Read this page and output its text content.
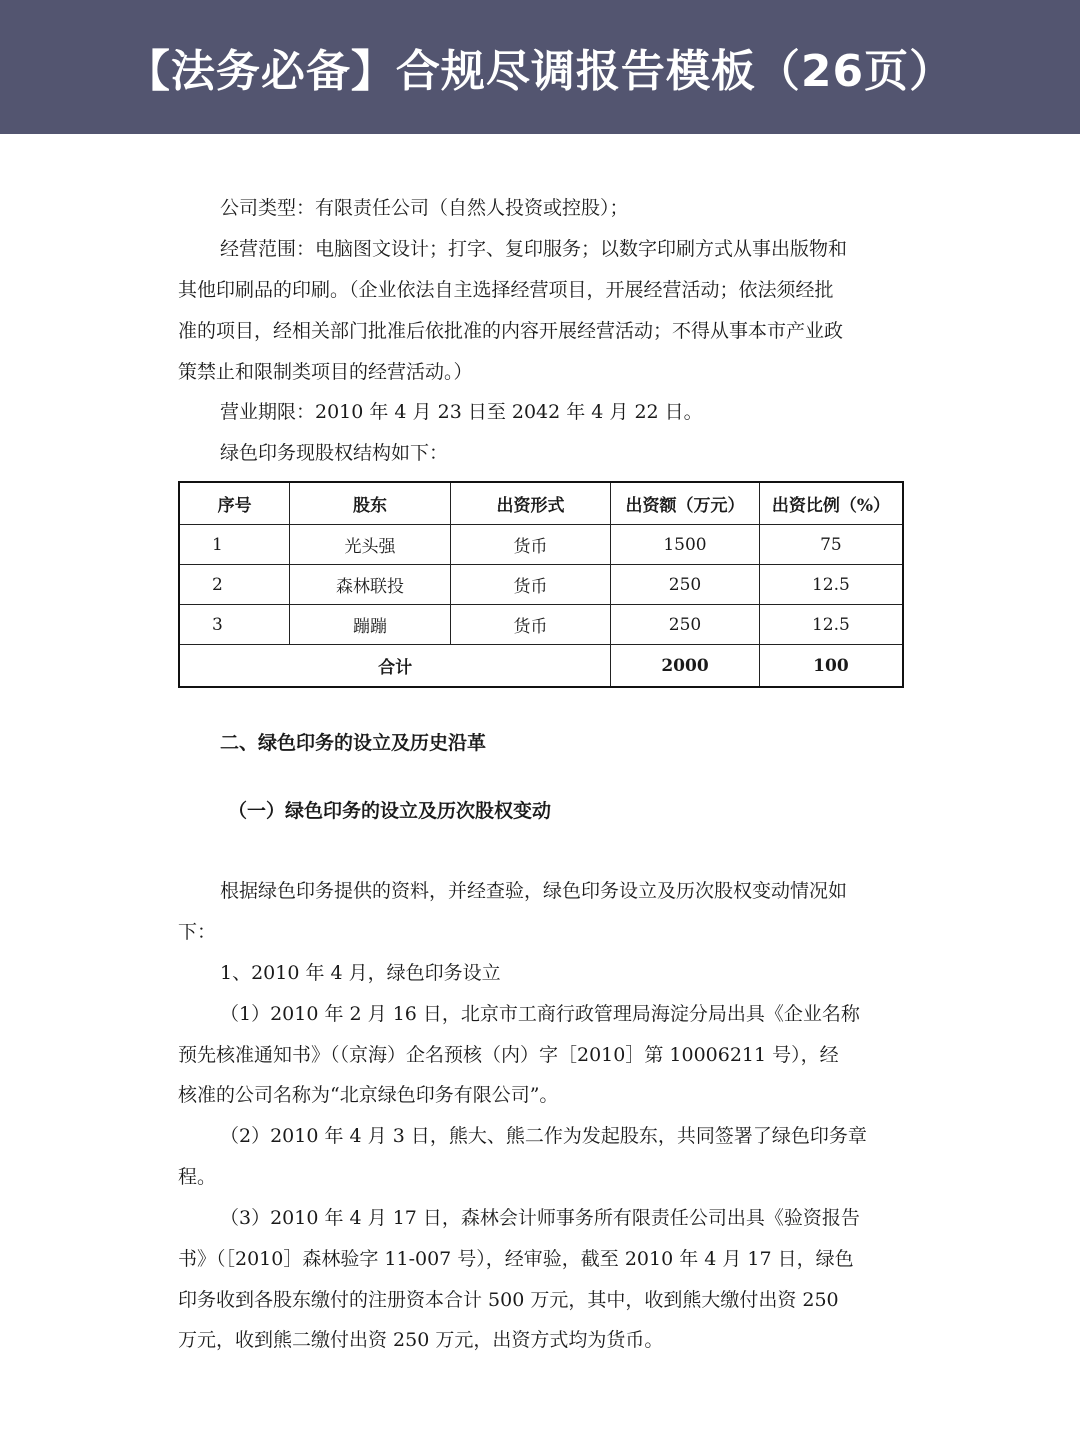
【法务必备】合规尽调报告模板（26页）

公司类型：有限责任公司（自然人投资或控股）；

经营范围：电脑图文设计；打字、复印服务；以数字印刷方式从事出版物和

其他印刷品的印刷。（企业依法自主选择经营项目，开展经营活动；依法须经批

准的项目，经相关部门批准后依批准的内容开展经营活动；不得从事本市产业政

策禁止和限制类项目的经营活动。）

营业期限：2010 年 4 月 23 日至 2042 年 4 月 22 日。

绿色印务现股权结构如下：

序号	股东	出资形式	出资额（万元）	出资比例（%）
1	光头强	货币	1500	75
2	森林联投	货币	250	12.5
3	蹦蹦	货币	250	12.5
合计			2000	100
二、绿色印务的设立及历史沿革
（一）绿色印务的设立及历次股权变动

根据绿色印务提供的资料，并经查验，绿色印务设立及历次股权变动情况如

下：

1、2010 年 4 月，绿色印务设立

（1）2010 年 2 月 16 日，北京市工商行政管理局海淀分局出具《企业名称

预先核准通知书》（（京海）企名预核（内）字［2010］第 10006211 号），经

核准的公司名称为“北京绿色印务有限公司”。

（2）2010 年 4 月 3 日，熊大、熊二作为发起股东，共同签署了绿色印务章

程。

（3）2010 年 4 月 17 日，森林会计师事务所有限责任公司出具《验资报告

书》（［2010］森林验字 11-007 号），经审验，截至 2010 年 4 月 17 日，绿色

印务收到各股东缴付的注册资本合计 500 万元，其中，收到熊大缴付出资 250

万元，收到熊二缴付出资 250 万元，出资方式均为货币。
